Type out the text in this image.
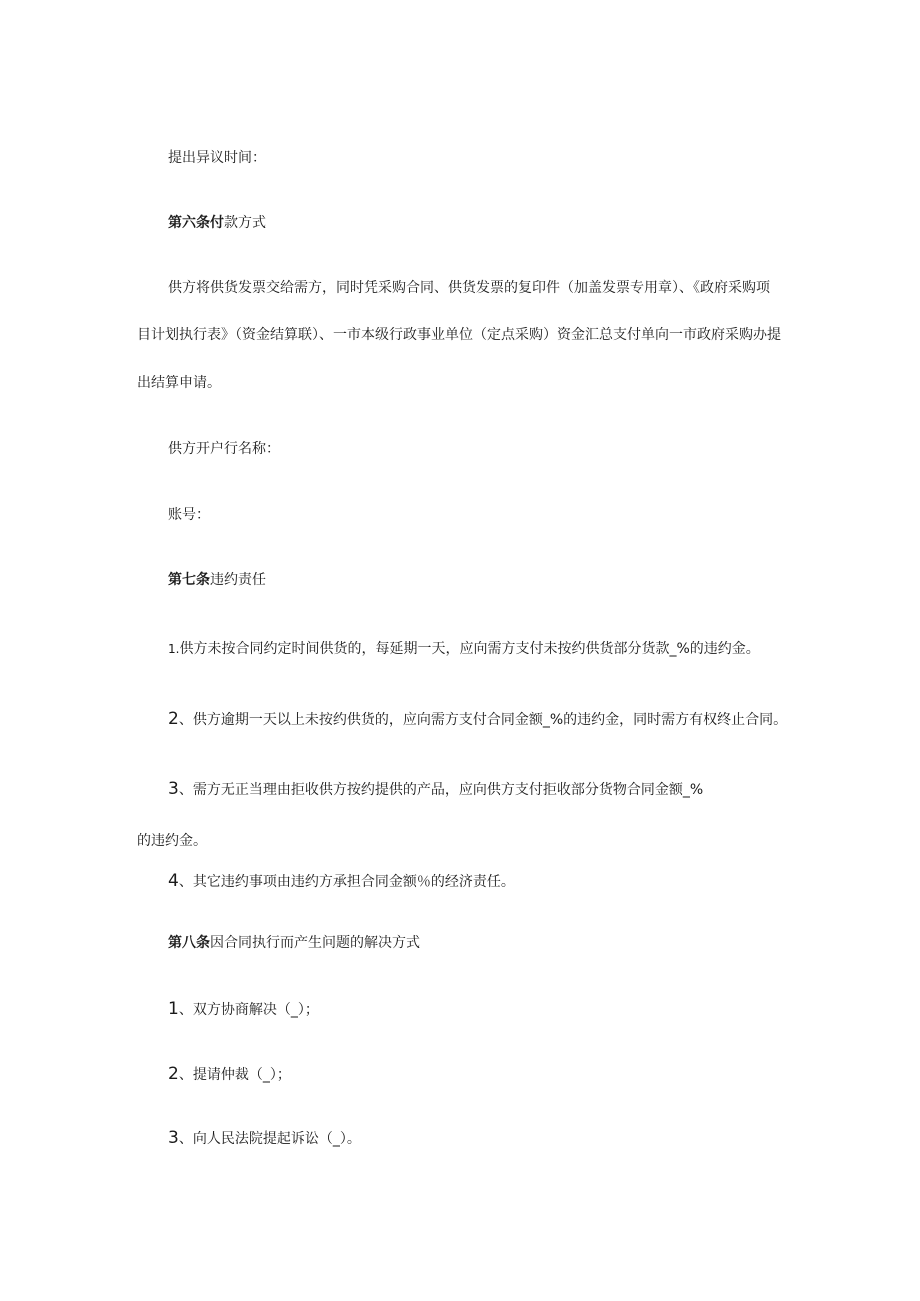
提出异议时间：
第六条付款方式
供方将供货发票交给需方，同时凭采购合同、供货发票的复印件（加盖发票专用章）、《政府采购项
目计划执行表》（资金结算联）、一市本级行政事业单位（定点采购）资金汇总支付单向一市政府采购办提
出结算申请。
供方开户行名称：
账号：
第七条违约责任
1.供方未按合同约定时间供货的，每延期一天，应向需方支付未按约供货部分货款_%的违约金。
2、供方逾期一天以上未按约供货的，应向需方支付合同金额_%的违约金，同时需方有权终止合同。
3、需方无正当理由拒收供方按约提供的产品，应向供方支付拒收部分货物合同金额_%
的违约金。
4、其它违约事项由违约方承担合同金额％的经济责任。
第八条因合同执行而产生问题的解决方式
1、双方协商解决（_）；
2、提请仲裁（_）；
3、向人民法院提起诉讼（_）。
